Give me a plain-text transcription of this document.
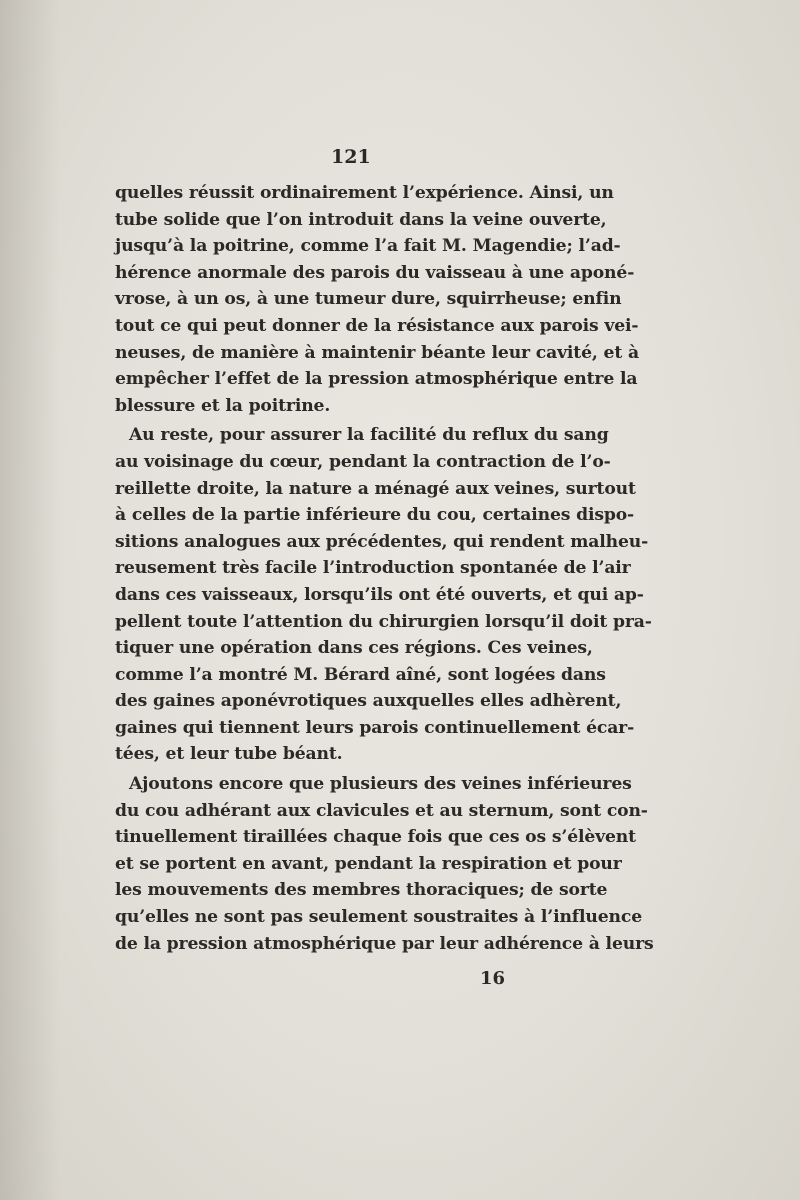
121
quelles réussit ordinairement l’expérience. Ainsi, un
tube solide que l’on introduit dans la veine ouverte,
jusqu’à la poitrine, comme l’a fait M. Magendie; l’ad-
hérence anormale des parois du vaisseau à une aponé-
vrose, à un os, à une tumeur dure, squirrheuse; enfin
tout ce qui peut donner de la résistance aux parois vei-
neuses, de manière à maintenir béante leur cavité, et à
empêcher l’effet de la pression atmosphérique entre la
blessure et la poitrine.
Au reste, pour assurer la facilité du reflux du sang
au voisinage du cœur, pendant la contraction de l’o-
reillette droite, la nature a ménagé aux veines, surtout
à celles de la partie inférieure du cou, certaines dispo-
sitions analogues aux précédentes, qui rendent malheu-
reusement très facile l’introduction spontanée de l’air
dans ces vaisseaux, lorsqu’ils ont été ouverts, et qui ap-
pellent toute l’attention du chirurgien lorsqu’il doit pra-
tiquer une opération dans ces régions. Ces veines,
comme l’a montré M. Bérard aîné, sont logées dans
des gaines aponévrotiques auxquelles elles adhèrent,
gaines qui tiennent leurs parois continuellement écar-
tées, et leur tube béant.
Ajoutons encore que plusieurs des veines inférieures
du cou adhérant aux clavicules et au sternum, sont con-
tinuellement tiraillées chaque fois que ces os s’élèvent
et se portent en avant, pendant la respiration et pour
les mouvements des membres thoraciques; de sorte
qu’elles ne sont pas seulement soustraites à l’influence
de la pression atmosphérique par leur adhérence à leurs
16
